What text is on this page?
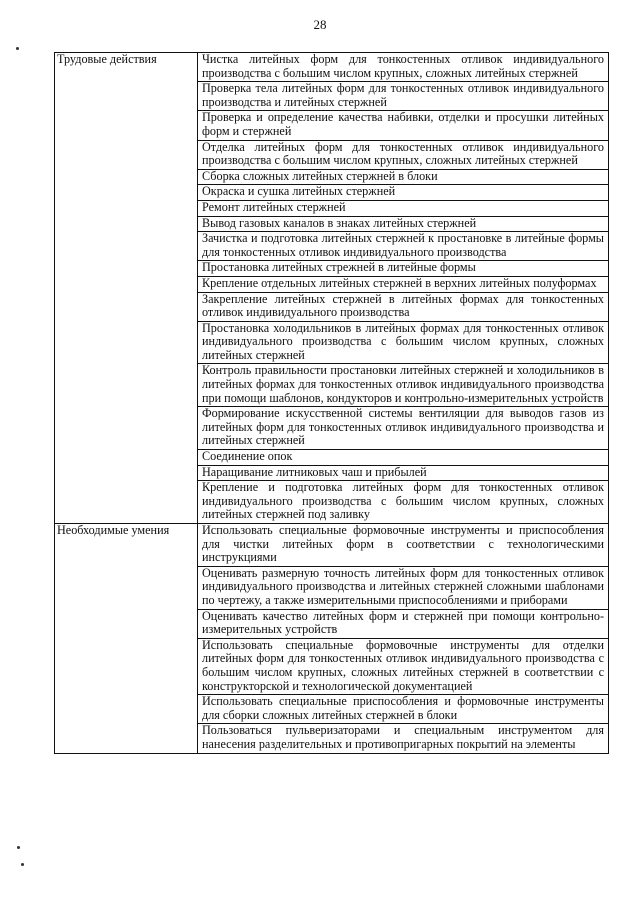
28
Трудовые действия	Чистка литейных форм для тонкостенных отливок индивидуального производства с большим числом крупных, сложных литейных стержней
	Проверка тела литейных форм для тонкостенных отливок индивидуального производства и литейных стержней
	Проверка и определение качества набивки, отделки и просушки литейных форм и стержней
	Отделка литейных форм для тонкостенных отливок индивидуального производства с большим числом крупных, сложных литейных стержней
	Сборка сложных литейных стержней в блоки
	Окраска и сушка литейных стержней
	Ремонт литейных стержней
	Вывод газовых каналов в знаках литейных стержней
	Зачистка и подготовка литейных стержней к простановке в литейные формы для тонкостенных отливок индивидуального производства
	Простановка литейных стрежней в литейные формы
	Крепление отдельных литейных стержней в верхних литейных полуформах
	Закрепление литейных стержней в литейных формах для тонкостенных отливок индивидуального производства
	Простановка холодильников в литейных формах для тонкостенных отливок индивидуального производства с большим числом крупных, сложных литейных стержней
	Контроль правильности простановки литейных стержней и холодильников в литейных формах для тонкостенных отливок индивидуального производства при помощи шаблонов, кондукторов и контрольно-измерительных устройств
	Формирование искусственной системы вентиляции для выводов газов из литейных форм для тонкостенных отливок индивидуального производства и литейных стержней
	Соединение опок
	Наращивание литниковых чаш и прибылей
	Крепление и подготовка литейных форм для тонкостенных отливок индивидуального производства с большим числом крупных, сложных литейных стержней под заливку
Необходимые умения	Использовать специальные формовочные инструменты и приспособления для чистки литейных форм в соответствии с технологическими инструкциями
	Оценивать размерную точность литейных форм для тонкостенных отливок индивидуального производства и литейных стержней сложными шаблонами по чертежу, а также измерительными приспособлениями и приборами
	Оценивать качество литейных форм и стержней при помощи контрольно-измерительных устройств
	Использовать специальные формовочные инструменты для отделки литейных форм для тонкостенных отливок индивидуального производства с большим числом крупных, сложных литейных стержней в соответствии с конструкторской и технологической документацией
	Использовать специальные приспособления и формовочные инструменты для сборки сложных литейных стержней в блоки
	Пользоваться пульверизаторами и специальным инструментом для нанесения разделительных и противопригарных покрытий на элементы
